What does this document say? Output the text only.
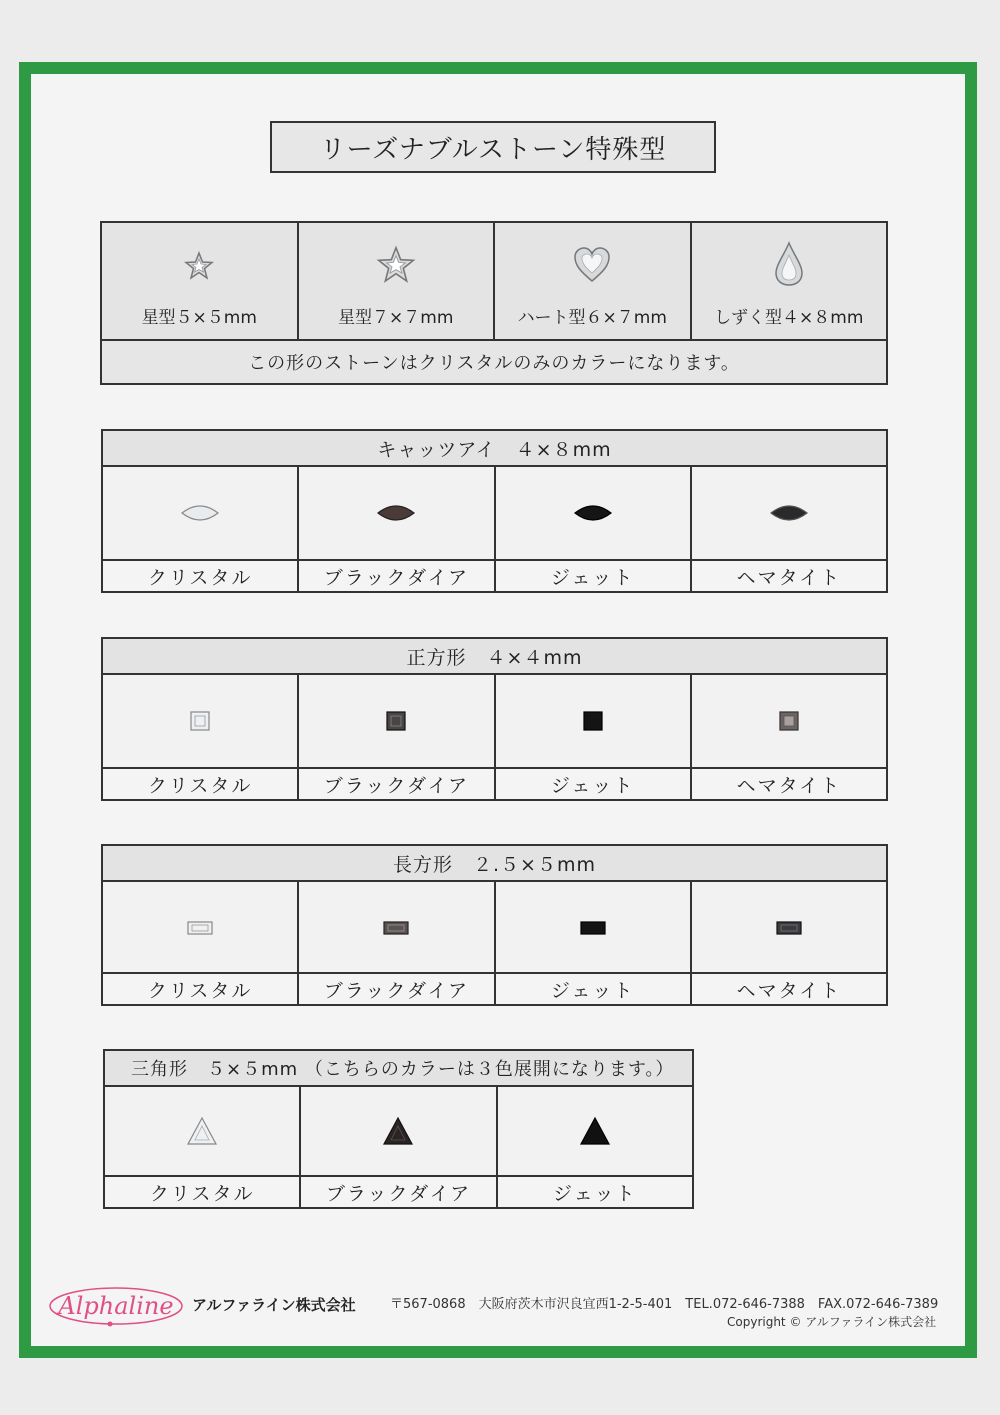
リーズナブルストーン特殊型
星型５×５mm	星型７×７mm	ハート型６×７mm	しずく型４×８mm

この形のストーンはクリスタルのみのカラーになります。
キャッツアイ　４×８mm			

クリスタル	ブラックダイア	ジェット	ヘマタイト
正方形　４×４mm			

クリスタル	ブラックダイア	ジェット	ヘマタイト
長方形　２.５×５mm			

クリスタル	ブラックダイア	ジェット	ヘマタイト
三角形　５×５mm （こちらのカラーは３色展開になります。）		

クリスタル	ブラックダイア	ジェット
Alphaline アルファライン株式会社	〒567-0868　大阪府茨木市沢良宜西1-2-5-401　TEL.072-646-7388　FAX.072-646-7389
Copyright © アルファライン株式会社
